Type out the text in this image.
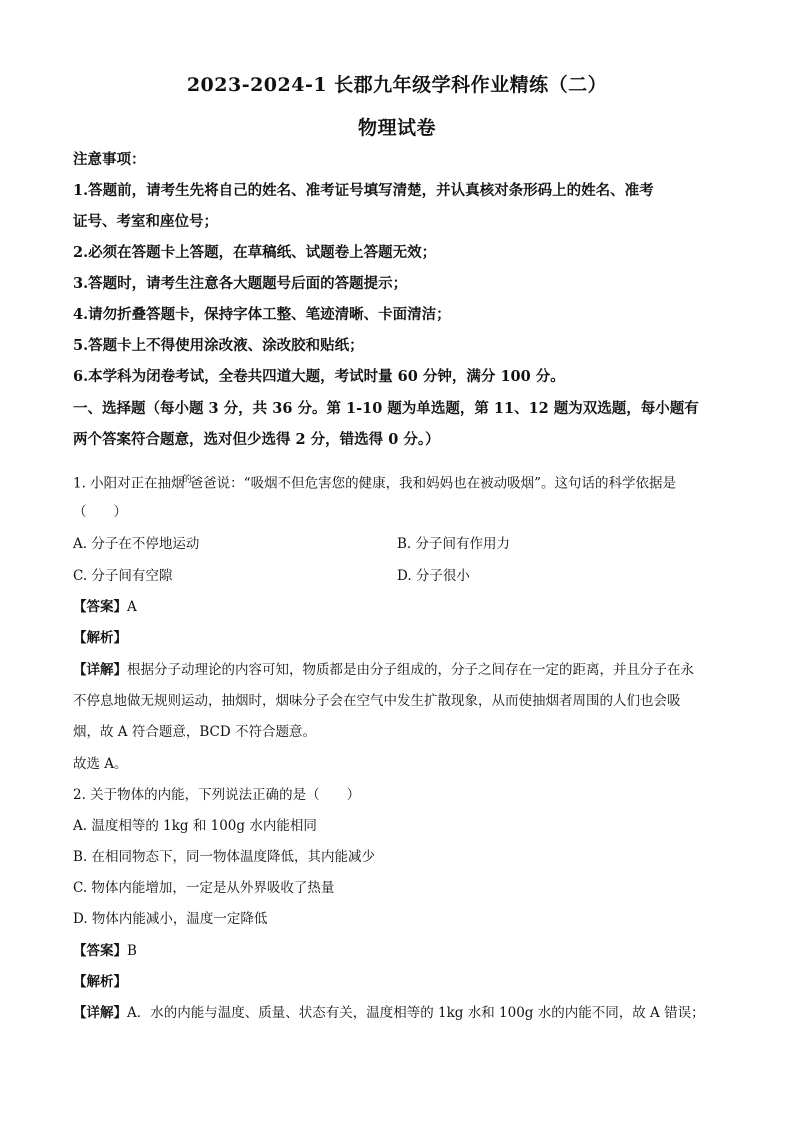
2023-2024-1 长郡九年级学科作业精练（二）
物理试卷
注意事项：
1.答题前，请考生先将自己的姓名、准考证号填写清楚，并认真核对条形码上的姓名、准考
证号、考室和座位号；
2.必须在答题卡上答题，在草稿纸、试题卷上答题无效；
3.答题时，请考生注意各大题题号后面的答题提示；
4.请勿折叠答题卡，保持字体工整、笔迹清晰、卡面清洁；
5.答题卡上不得使用涂改液、涂改胶和贴纸；
6.本学科为闭卷考试，全卷共四道大题，考试时量 60 分钟，满分 100 分。
一、选择题（每小题 3 分，共 36 分。第 1-10 题为单选题，第 11、12 题为双选题，每小题有
两个答案符合题意，选对但少选得 2 分，错选得 0 分。）
1. 小阳对正在抽烟$^的$爸爸说：“吸烟不但危害您的健康，我和妈妈也在被动吸烟”。这句话的科学依据是
（　　）
A. 分子在不停地运动	B. 分子间有作用力
C. 分子间有空隙	D. 分子很小
【答案】A
【解析】
【详解】根据分子动理论的内容可知，物质都是由分子组成的，分子之间存在一定的距离，并且分子在永
不停息地做无规则运动，抽烟时，烟味分子会在空气中发生扩散现象，从而使抽烟者周围的人们也会吸
烟，故 A 符合题意，BCD 不符合题意。
故选 A。
2. 关于物体的内能，下列说法正确的是（　　）
A. 温度相等的 1kg 和 100g 水内能相同
B. 在相同物态下，同一物体温度降低，其内能减少
C. 物体内能增加，一定是从外界吸收了热量
D. 物体内能减小，温度一定降低
【答案】B
【解析】
【详解】A．水的内能与温度、质量、状态有关，温度相等的 1kg 水和 100g 水的内能不同，故 A 错误；
